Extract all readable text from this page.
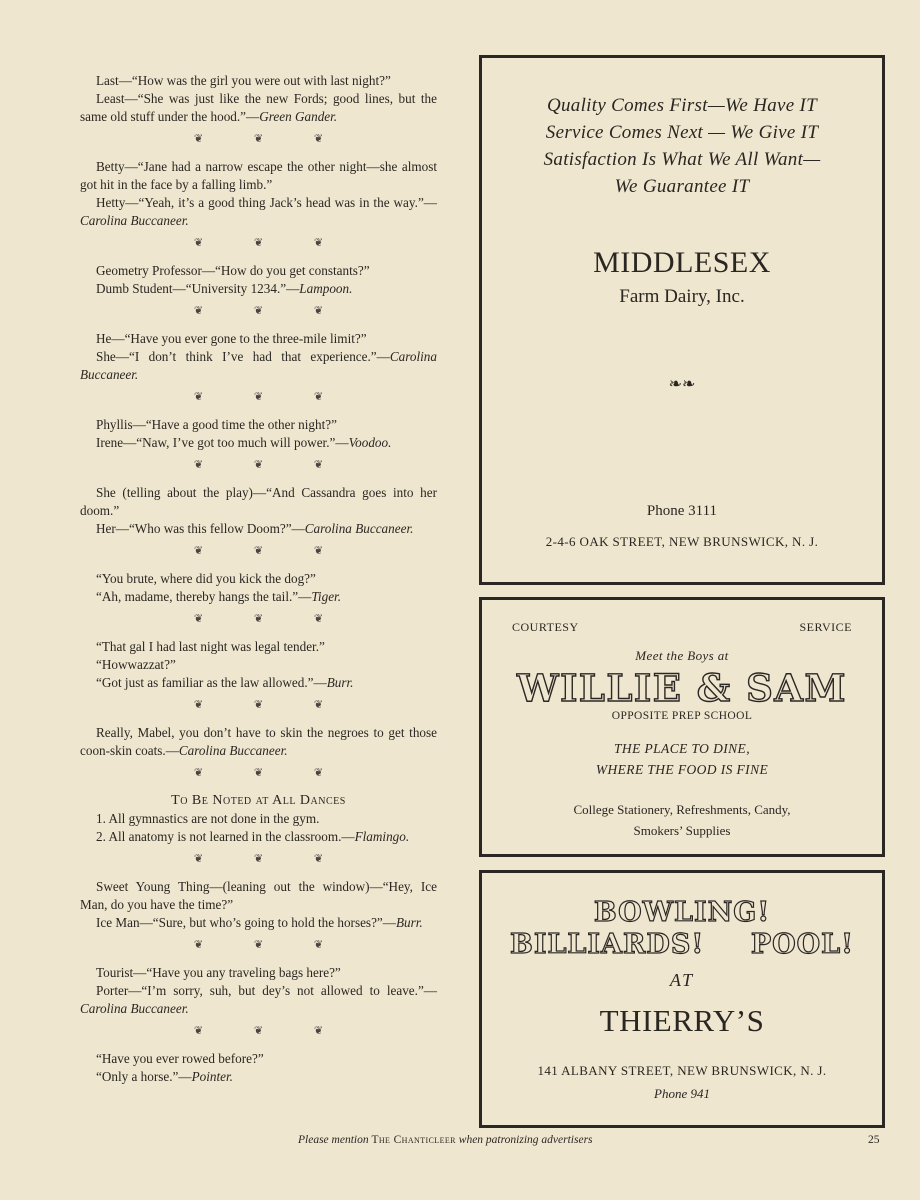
Last—“How was the girl you were out with last night?”
Least—“She was just like the new Fords; good lines, but the same old stuff under the hood.”—Green Gander.
❦ ❦ ❦
Betty—“Jane had a narrow escape the other night—she almost got hit in the face by a falling limb.”
Hetty—“Yeah, it’s a good thing Jack’s head was in the way.”—Carolina Buccaneer.
❦ ❦ ❦
Geometry Professor—“How do you get constants?”
Dumb Student—“University 1234.”—Lampoon.
❦ ❦ ❦
He—“Have you ever gone to the three-mile limit?”
She—“I don’t think I’ve had that experience.”—Carolina Buccaneer.
❦ ❦ ❦
Phyllis—“Have a good time the other night?”
Irene—“Naw, I’ve got too much will power.”—Voodoo.
❦ ❦ ❦
She (telling about the play)—“And Cassandra goes into her doom.”
Her—“Who was this fellow Doom?”—Carolina Buccaneer.
❦ ❦ ❦
“You brute, where did you kick the dog?”
“Ah, madame, thereby hangs the tail.”—Tiger.
❦ ❦ ❦
“That gal I had last night was legal tender.”
“Howwazzat?”
“Got just as familiar as the law allowed.”—Burr.
❦ ❦ ❦
Really, Mabel, you don’t have to skin the negroes to get those coon-skin coats.—Carolina Buccaneer.
❦ ❦ ❦
To Be Noted at All Dances
1. All gymnastics are not done in the gym.
2. All anatomy is not learned in the classroom.—Flamingo.
❦ ❦ ❦
Sweet Young Thing—(leaning out the window)—“Hey, Ice Man, do you have the time?”
Ice Man—“Sure, but who’s going to hold the horses?”—Burr.
❦ ❦ ❦
Tourist—“Have you any traveling bags here?”
Porter—“I’m sorry, suh, but dey’s not allowed to leave.”—Carolina Buccaneer.
❦ ❦ ❦
“Have you ever rowed before?”
“Only a horse.”—Pointer.
Quality Comes First—We Have IT
Service Comes Next — We Give IT
Satisfaction Is What We All Want—
We Guarantee IT
MIDDLESEX
Farm Dairy, Inc.
❧❧
Phone 3111
2-4-6 OAK STREET, NEW BRUNSWICK, N. J.
COURTESY	SERVICE
Meet the Boys at
WILLIE & SAM
OPPOSITE PREP SCHOOL
THE PLACE TO DINE,
WHERE THE FOOD IS FINE
College Stationery, Refreshments, Candy,
Smokers’ Supplies
BOWLING!
BILLIARDS! POOL!
AT
THIERRY’S
141 ALBANY STREET, NEW BRUNSWICK, N. J.
Phone 941
Please mention The Chanticleer when patronizing advertisers	25
